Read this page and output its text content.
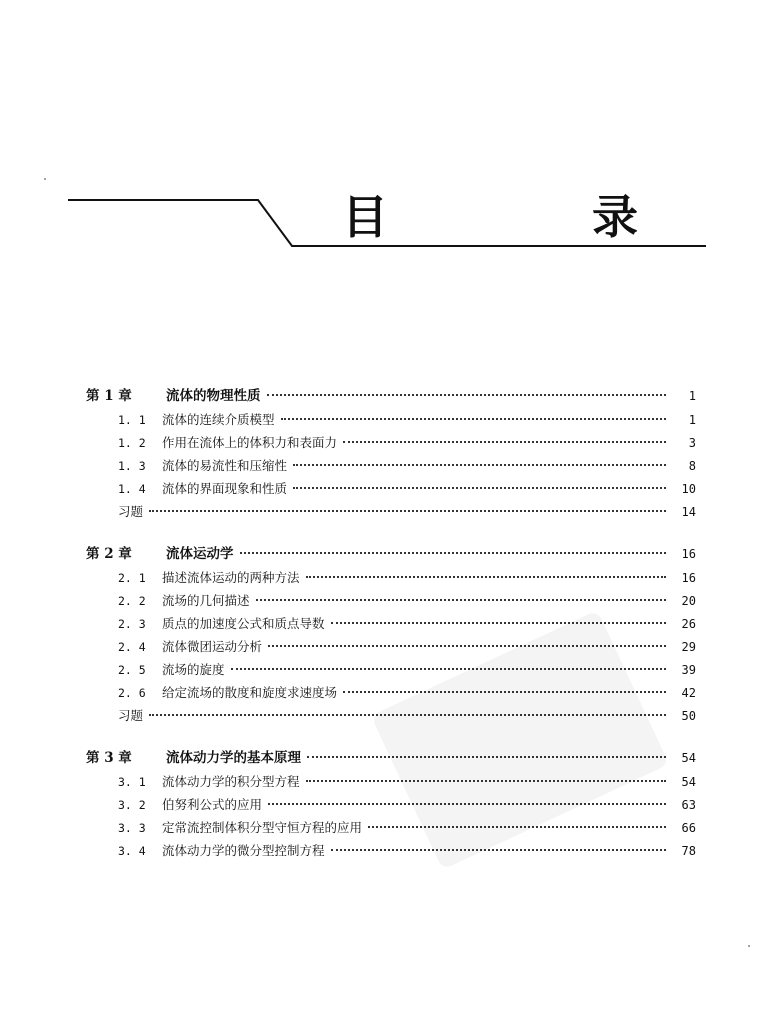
目	录
第 1 章	流体的物理性质	1
1. 1	流体的连续介质模型	1
1. 2	作用在流体上的体积力和表面力	3
1. 3	流体的易流性和压缩性	8
1. 4	流体的界面现象和性质	10
习题	14
第 2 章	流体运动学	16
2. 1	描述流体运动的两种方法	16
2. 2	流场的几何描述	20
2. 3	质点的加速度公式和质点导数	26
2. 4	流体微团运动分析	29
2. 5	流场的旋度	39
2. 6	给定流场的散度和旋度求速度场	42
习题	50
第 3 章	流体动力学的基本原理	54
3. 1	流体动力学的积分型方程	54
3. 2	伯努利公式的应用	63
3. 3	定常流控制体积分型守恒方程的应用	66
3. 4	流体动力学的微分型控制方程	78
